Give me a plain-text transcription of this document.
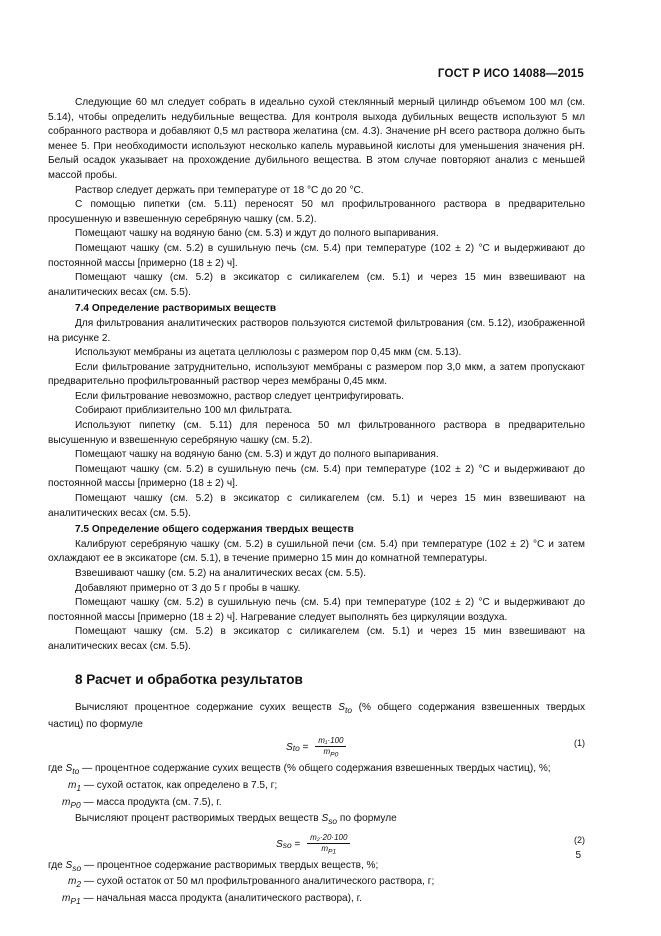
ГОСТ Р ИСО 14088—2015

Следующие 60 мл следует собрать в идеально сухой стеклянный мерный цилиндр объемом 100 мл (см. 5.14), чтобы определить недубильные вещества. Для контроля выхода дубильных веществ используют 5 мл собранного раствора и добавляют 0,5 мл раствора желатина (см. 4.3). Значение pH всего раствора должно быть менее 5. При необходимости используют несколько капель муравьиной кислоты для уменьшения значения pH. Белый осадок указывает на прохождение дубильного вещества. В этом случае повторяют анализ с меньшей массой пробы.

Раствор следует держать при температуре от 18 °C до 20 °C.

С помощью пипетки (см. 5.11) переносят 50 мл профильтрованного раствора в предварительно просушенную и взвешенную серебряную чашку (см. 5.2).

Помещают чашку на водяную баню (см. 5.3) и ждут до полного выпаривания.

Помещают чашку (см. 5.2) в сушильную печь (см. 5.4) при температуре (102 ± 2) °C и выдерживают до постоянной массы [примерно (18 ± 2) ч].

Помещают чашку (см. 5.2) в эксикатор с силикагелем (см. 5.1) и через 15 мин взвешивают на аналитических весах (см. 5.5).

7.4 Определение растворимых веществ

Для фильтрования аналитических растворов пользуются системой фильтрования (см. 5.12), изображенной на рисунке 2.

Используют мембраны из ацетата целлюлозы с размером пор 0,45 мкм (см. 5.13).

Если фильтрование затруднительно, используют мембраны с размером пор 3,0 мкм, а затем пропускают предварительно профильтрованный раствор через мембраны 0,45 мкм.

Если фильтрование невозможно, раствор следует центрифугировать.

Собирают приблизительно 100 мл фильтрата.

Используют пипетку (см. 5.11) для переноса 50 мл фильтрованного раствора в предварительно высушенную и взвешенную серебряную чашку (см. 5.2).

Помещают чашку на водяную баню (см. 5.3) и ждут до полного выпаривания.

Помещают чашку (см. 5.2) в сушильную печь (см. 5.4) при температуре (102 ± 2) °C и выдерживают до постоянной массы [примерно (18 ± 2) ч].

Помещают чашку (см. 5.2) в эксикатор с силикагелем (см. 5.1) и через 15 мин взвешивают на аналитических весах (см. 5.5).

7.5 Определение общего содержания твердых веществ

Калибруют серебряную чашку (см. 5.2) в сушильной печи (см. 5.4) при температуре (102 ± 2) °C и затем охлаждают ее в эксикаторе (см. 5.1), в течение примерно 15 мин до комнатной температуры.

Взвешивают чашку (см. 5.2) на аналитических весах (см. 5.5).

Добавляют примерно от 3 до 5 г пробы в чашку.

Помещают чашку (см. 5.2) в сушильную печь (см. 5.4) при температуре (102 ± 2) °C и выдерживают до постоянной массы [примерно (18 ± 2) ч]. Нагревание следует выполнять без циркуляции воздуха.

Помещают чашку (см. 5.2) в эксикатор с силикагелем (см. 5.1) и через 15 мин взвешивают на аналитических весах (см. 5.5).

8 Расчет и обработка результатов

Вычисляют процентное содержание сухих веществ $S_{to}$ (% общего содержания взвешенных твердых частиц) по формуле

S to = $\frac{\text{m₁·100}}{m_{P0}}$	(1)

где $S_{to}$ — процентное содержание сухих веществ (% общего содержания взвешенных твердых частиц), %;

$m_1$ — сухой остаток, как определено в 7.5, г;

$m_{P0}$ — масса продукта (см. 7.5), г.

Вычисляют процент растворимых твердых веществ $S_{so}$ по формуле

S so = $\frac{\text{m₂·20·100}}{m_{P1}}$	(2)

где $S_{so}$ — процентное содержание растворимых твердых веществ, %;

$m_2$ — сухой остаток от 50 мл профильтрованного аналитического раствора, г;

$m_{P1}$ — начальная масса продукта (аналитического раствора), г.

5
